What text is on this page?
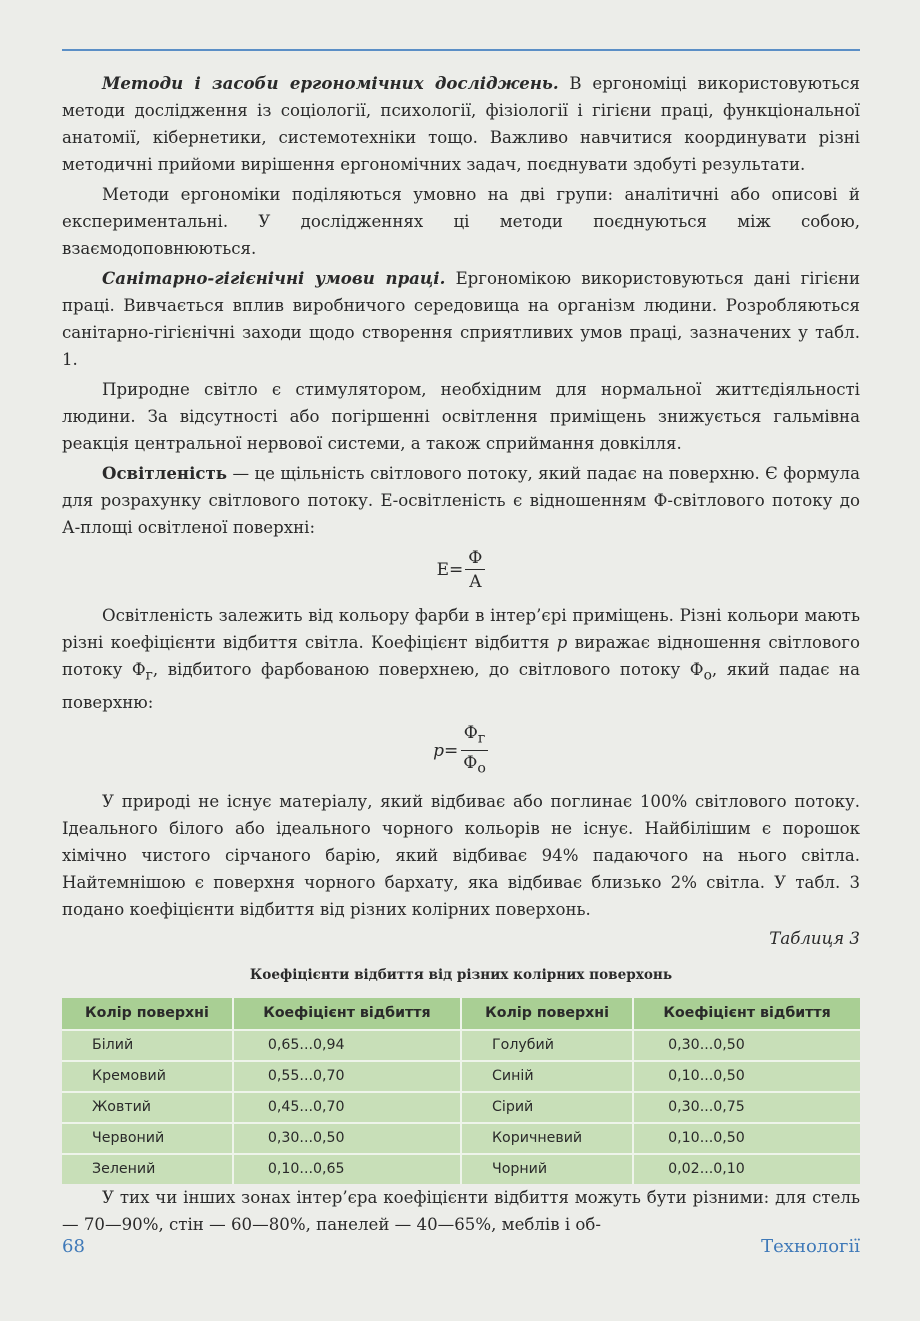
Методи і засоби ергономічних досліджень. В ергономіці використовуються методи дослідження із соціології, психології, фізіології і гігієни праці, функціональної анатомії, кібернетики, системотехніки тощо. Важливо навчитися координувати різні методичні прийоми вирішення ергономічних задач, поєднувати здобуті результати.

Методи ергономіки поділяються умовно на дві групи: аналітичні або описові й експериментальні. У дослідженнях ці методи поєднуються між собою, взаємодоповнюються.

Санітарно-гігієнічні умови праці. Ергономікою використовуються дані гігієни праці. Вивчається вплив виробничого середовища на організм людини. Розробляються санітарно-гігієнічні заходи щодо створення сприятливих умов праці, зазначених у табл. 1.

Природне світло є стимулятором, необхідним для нормальної життєдіяльності людини. За відсутності або погіршенні освітлення приміщень знижується гальмівна реакція центральної нервової системи, а також сприймання довкілля.

Освітленість — це щільність світлового потоку, який падає на поверхню. Є формула для розрахунку світлового потоку. Е-освітленість є відношенням Ф-світлового потоку до А-площі освітленої поверхні:

$E = \frac{Ф}{A}$

Освітленість залежить від кольору фарби в інтер’єрі приміщень. Різні кольори мають різні коефіцієнти відбиття світла. Коефіцієнт відбиття p виражає відношення світлового потоку $Ф_г$, відбитого фарбованою поверхнею, до світлового потоку $Ф_о$, який падає на поверхню:

$p = \frac{Ф_г}{Ф_о}$

У природі не існує матеріалу, який відбиває або поглинає 100% світлового потоку. Ідеального білого або ідеального чорного кольорів не існує. Найбілішим є порошок хімічно чистого сірчаного барію, який відбиває 94% падаючого на нього світла. Найтемнішою є поверхня чорного бархату, яка відбиває близько 2% світла. У табл. 3 подано коефіцієнти відбиття від різних колірних поверхонь.

Таблиця 3
Коефіцієнти відбиття від різних колірних поверхонь
Колір поверхні	Коефіцієнт відбиття	Колір поверхні	Коефіцієнт відбиття
Білий	0,65...0,94	Голубий	0,30...0,50
Кремовий	0,55...0,70	Синій	0,10...0,50
Жовтий	0,45...0,70	Сірий	0,30...0,75
Червоний	0,30...0,50	Коричневий	0,10...0,50
Зелений	0,10...0,65	Чорний	0,02...0,10

У тих чи інших зонах інтер’єра коефіцієнти відбиття можуть бути різними: для стель — 70—90%, стін — 60—80%, панелей — 40—65%, меблів і об-

68	Технології
